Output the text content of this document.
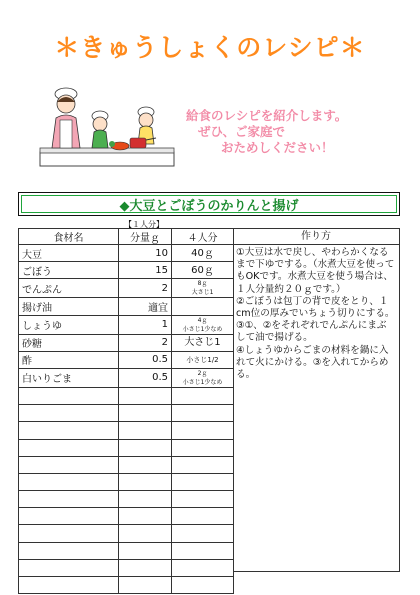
＊きゅうしょくのレシピ＊
給食のレシピを紹介します。
ぜひ、ご家庭で
おためしください！
◆大豆とごぼうのかりんと揚げ
【１人分】
食材名	分量ｇ	４人分
大豆	10	40ｇ
ごぼう	15	60ｇ
でんぷん	2	8ｇ
大さじ1

揚げ油	適宜	
しょうゆ	1	4ｇ
小さじ1少なめ

砂糖	2	大さじ1
酢	0.5	小さじ1/2
白いりごま	0.5	2ｇ
小さじ1少なめ

作り方

①大豆は水で戻し、やわらかくなるまで下ゆでする。（水煮大豆を使ってもOKです。水煮大豆を使う場合は、１人分量約２０ｇです。）

②ごぼうは包丁の背で皮をとり、１cm位の厚みでいちょう切りにする。

③①、②をそれぞれでんぷんにまぶして油で揚げる。

④しょうゆからごまの材料を鍋に入れて火にかける。③を入れてからめる。
